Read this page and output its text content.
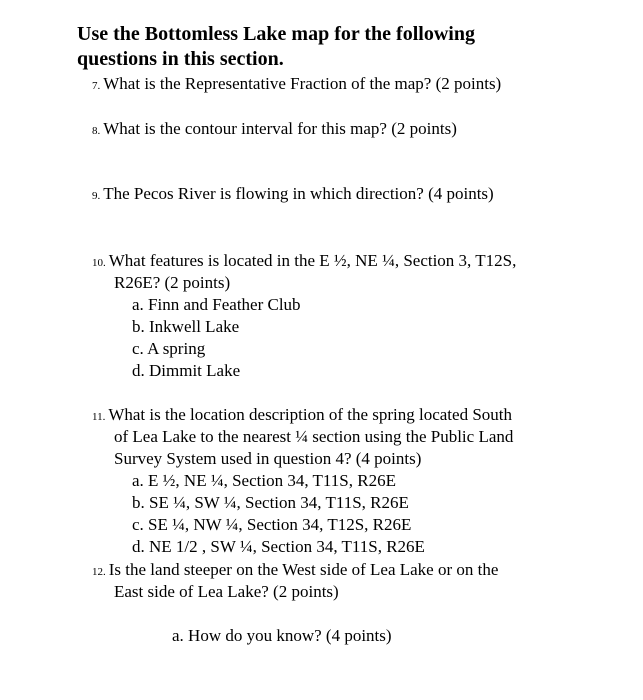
Use the Bottomless Lake map for the following
questions in this section.
7. What is the Representative Fraction of the map? (2 points)
8. What is the contour interval for this map? (2 points)
9. The Pecos River is flowing in which direction? (4 points)
10. What features is located in the E ½, NE ¼, Section 3, T12S,
R26E? (2 points)
a. Finn and Feather Club
b. Inkwell Lake
c. A spring
d. Dimmit Lake
11. What is the location description of the spring located South
of Lea Lake to the nearest ¼ section using the Public Land
Survey System used in question 4? (4 points)
a. E ½, NE ¼, Section 34, T11S, R26E
b. SE ¼, SW ¼, Section 34, T11S, R26E
c. SE ¼, NW ¼, Section 34, T12S, R26E
d. NE 1/2 , SW ¼, Section 34, T11S, R26E
12. Is the land steeper on the West side of Lea Lake or on the
East side of Lea Lake? (2 points)
a. How do you know? (4 points)
